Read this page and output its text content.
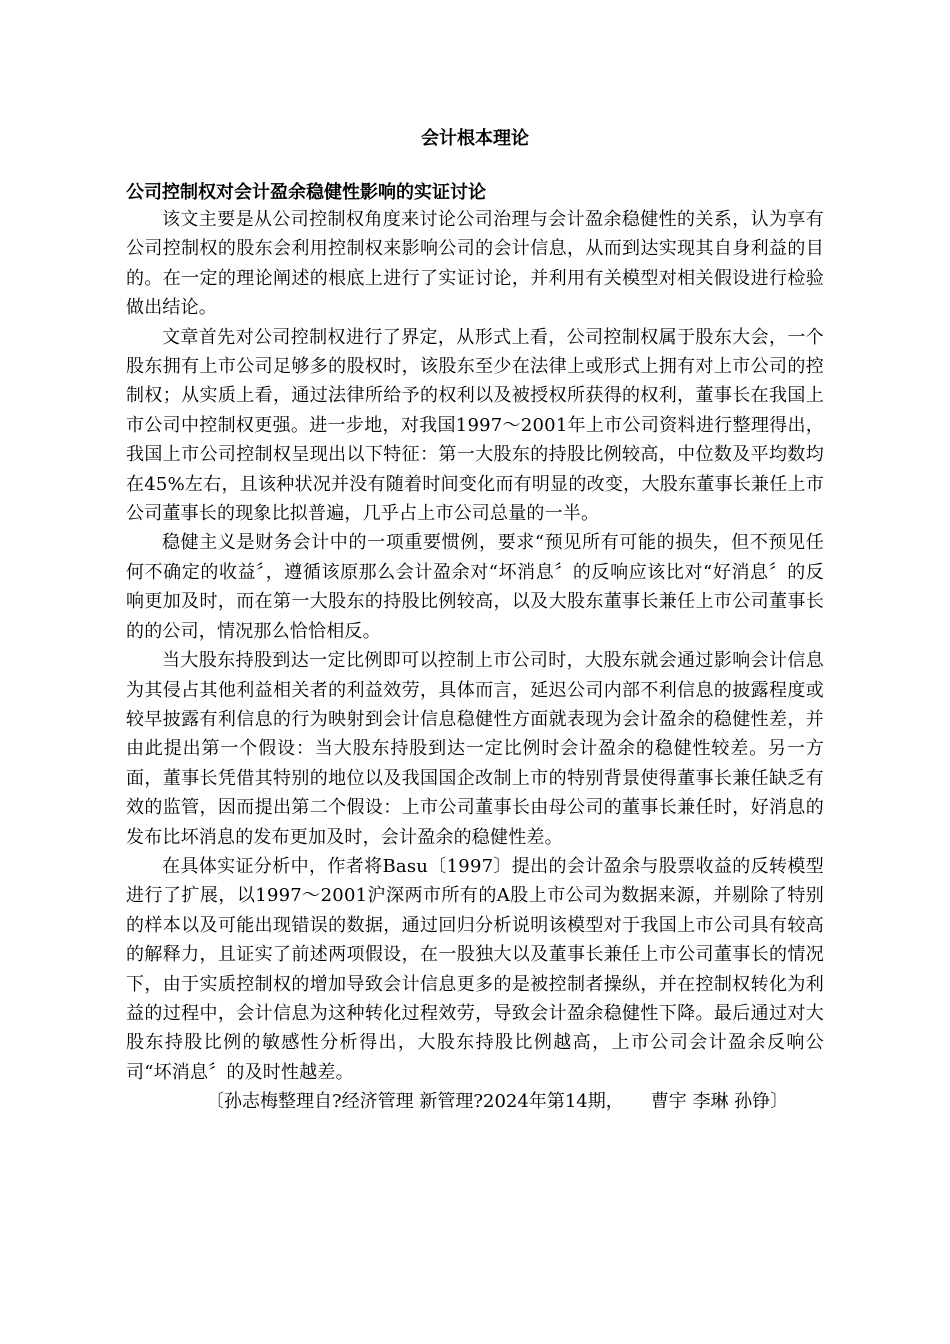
会计根本理论
公司控制权对会计盈余稳健性影响的实证讨论

该文主要是从公司控制权角度来讨论公司治理与会计盈余稳健性的关系，认为享有公司控制权的股东会利用控制权来影响公司的会计信息，从而到达实现其自身利益的目的。在一定的理论阐述的根底上进行了实证讨论，并利用有关模型对相关假设进行检验做出结论。

文章首先对公司控制权进行了界定，从形式上看，公司控制权属于股东大会，一个股东拥有上市公司足够多的股权时，该股东至少在法律上或形式上拥有对上市公司的控制权；从实质上看，通过法律所给予的权利以及被授权所获得的权利，董事长在我国上市公司中控制权更强。进一步地，对我国1997～2001年上市公司资料进行整理得出，我国上市公司控制权呈现出以下特征：第一大股东的持股比例较高，中位数及平均数均在45%左右，且该种状况并没有随着时间变化而有明显的改变，大股东董事长兼任上市公司董事长的现象比拟普遍，几乎占上市公司总量的一半。

稳健主义是财务会计中的一项重要惯例，要求“预见所有可能的损失，但不预见任何不确定的收益〞，遵循该原那么会计盈余对“坏消息〞的反响应该比对“好消息〞的反响更加及时，而在第一大股东的持股比例较高，以及大股东董事长兼任上市公司董事长的的公司，情况那么恰恰相反。

当大股东持股到达一定比例即可以控制上市公司时，大股东就会通过影响会计信息为其侵占其他利益相关者的利益效劳，具体而言，延迟公司内部不利信息的披露程度或较早披露有利信息的行为映射到会计信息稳健性方面就表现为会计盈余的稳健性差，并由此提出第一个假设：当大股东持股到达一定比例时会计盈余的稳健性较差。另一方面，董事长凭借其特别的地位以及我国国企改制上市的特别背景使得董事长兼任缺乏有效的监管，因而提出第二个假设：上市公司董事长由母公司的董事长兼任时，好消息的发布比坏消息的发布更加及时，会计盈余的稳健性差。

在具体实证分析中，作者将Basu〔1997〕提出的会计盈余与股票收益的反转模型进行了扩展，以1997～2001沪深两市所有的A股上市公司为数据来源，并剔除了特别的样本以及可能出现错误的数据，通过回归分析说明该模型对于我国上市公司具有较高的解释力，且证实了前述两项假设，在一股独大以及董事长兼任上市公司董事长的情况下，由于实质控制权的增加导致会计信息更多的是被控制者操纵，并在控制权转化为利益的过程中，会计信息为这种转化过程效劳，导致会计盈余稳健性下降。最后通过对大股东持股比例的敏感性分析得出，大股东持股比例越高，上市公司会计盈余反响公司“坏消息〞的及时性越差。

〔孙志梅整理自?经济管理 新管理?2024年第14期，　　曹宇 李琳 孙铮〕
